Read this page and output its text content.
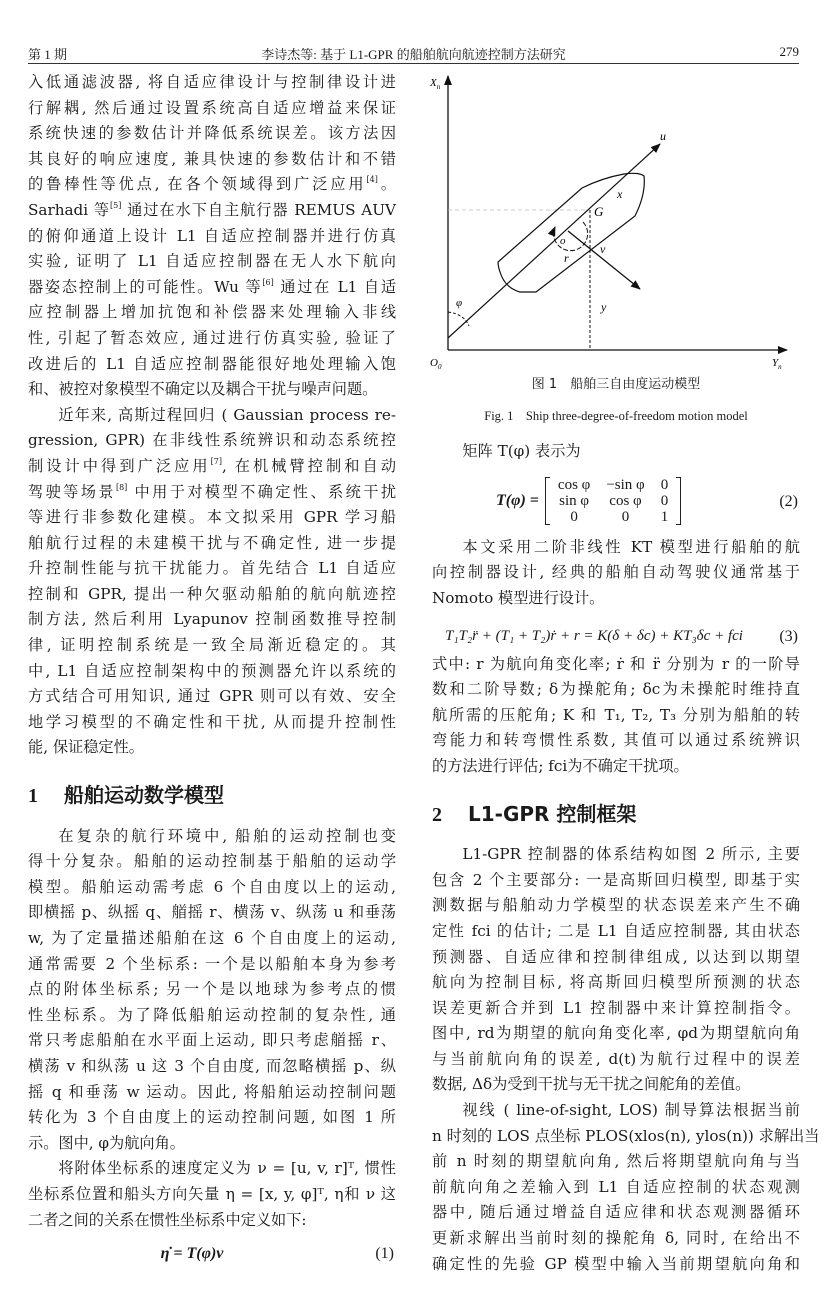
第 1 期	李诗杰等: 基于 L1-GPR 的船舶航向航迹控制方法研究	279
入低通滤波器, 将自适应律设计与控制律设计进
行解耦, 然后通过设置系统高自适应增益来保证
系统快速的参数估计并降低系统误差。该方法因
其良好的响应速度, 兼具快速的参数估计和不错
的鲁棒性等优点, 在各个领域得到广泛应用[4]。
Sarhadi 等[5] 通过在水下自主航行器 REMUS AUV
的俯仰通道上设计 L1 自适应控制器并进行仿真
实验, 证明了 L1 自适应控制器在无人水下航向
器姿态控制上的可能性。Wu 等[6] 通过在 L1 自适
应控制器上增加抗饱和补偿器来处理输入非线
性, 引起了暂态效应, 通过进行仿真实验, 验证了
改进后的 L1 自适应控制器能很好地处理输入饱
和、被控对象模型不确定以及耦合干扰与噪声问题。
近年来, 高斯过程回归 ( Gaussian process re-
gression, GPR) 在非线性系统辨识和动态系统控
制设计中得到广泛应用[7], 在机械臂控制和自动
驾驶等场景[8] 中用于对模型不确定性、系统干扰
等进行非参数化建模。本文拟采用 GPR 学习船
舶航行过程的未建模干扰与不确定性, 进一步提
升控制性能与抗干扰能力。首先结合 L1 自适应
控制和 GPR, 提出一种欠驱动船舶的航向航迹控
制方法, 然后利用 Lyapunov 控制函数推导控制
律, 证明控制系统是一致全局渐近稳定的。其
中, L1 自适应控制架构中的预测器允许以系统的
方式结合可用知识, 通过 GPR 则可以有效、安全
地学习模型的不确定性和干扰, 从而提升控制性
能, 保证稳定性。
1 船舶运动数学模型
在复杂的航行环境中, 船舶的运动控制也变
得十分复杂。船舶的运动控制基于船舶的运动学
模型。船舶运动需考虑 6 个自由度以上的运动,
即横摇 p、纵摇 q、艏摇 r、横荡 v、纵荡 u 和垂荡
w, 为了定量描述船舶在这 6 个自由度上的运动,
通常需要 2 个坐标系: 一个是以船舶本身为参考
点的附体坐标系; 另一个是以地球为参考点的惯
性坐标系。为了降低船舶运动控制的复杂性, 通
常只考虑船舶在水平面上运动, 即只考虑艏摇 r、
横荡 v 和纵荡 u 这 3 个自由度, 而忽略横摇 p、纵
摇 q 和垂荡 w 运动。因此, 将船舶运动控制问题
转化为 3 个自由度上的运动控制问题, 如图 1 所
示。图中, φ为航向角。
将附体坐标系的速度定义为 ν = [u, v, r]ᵀ, 惯性
坐标系位置和船头方向矢量 η = [x, y, φ]ᵀ, η和 ν 这
二者之间的关系在惯性坐标系中定义如下:
η̇ = T(φ)ν	(1)
$X_n$
$Y_n$
$O_0$
u
x
G
o
v
r
y
φ
图 1　船舶三自由度运动模型
Fig. 1　Ship three-degree-of-freedom motion model
矩阵 T(φ) 表示为
T(φ) =
cos φ	−sin φ	0
sin φ	cos φ	0
0	0	1
(2)
本文采用二阶非线性 KT 模型进行船舶的航
向控制器设计, 经典的船舶自动驾驶仪通常基于
Nomoto 模型进行设计。
T₁T₂r̈ + (T₁ + T₂)ṙ + r = K(δ + δc) + KT₃δc + fci	(3)
式中: r 为航向角变化率; ṙ 和 r̈ 分别为 r 的一阶导
数和二阶导数; δ为操舵角; δc为未操舵时维持直
航所需的压舵角; K 和 T₁, T₂, T₃ 分别为船舶的转
弯能力和转弯惯性系数, 其值可以通过系统辨识
的方法进行评估; fci为不确定干扰项。
2 L1-GPR 控制框架
L1-GPR 控制器的体系结构如图 2 所示, 主要
包含 2 个主要部分: 一是高斯回归模型, 即基于实
测数据与船舶动力学模型的状态误差来产生不确
定性 fci 的估计; 二是 L1 自适应控制器, 其由状态
预测器、自适应律和控制律组成, 以达到以期望
航向为控制目标, 将高斯回归模型所预测的状态
误差更新合并到 L1 控制器中来计算控制指令。
图中, rd为期望的航向角变化率, φd为期望航向角
与当前航向角的误差, d(t)为航行过程中的误差
数据, Δδ为受到干扰与无干扰之间舵角的差值。
视线 ( line-of-sight, LOS) 制导算法根据当前
n 时刻的 LOS 点坐标 PLOS(xlos(n), ylos(n)) 求解出当
前 n 时刻的期望航向角, 然后将期望航向角与当
前航向角之差输入到 L1 自适应控制的状态观测
器中, 随后通过增益自适应律和状态观测器循环
更新求解出当前时刻的操舵角 δ, 同时, 在给出不
确定性的先验 GP 模型中输入当前期望航向角和
